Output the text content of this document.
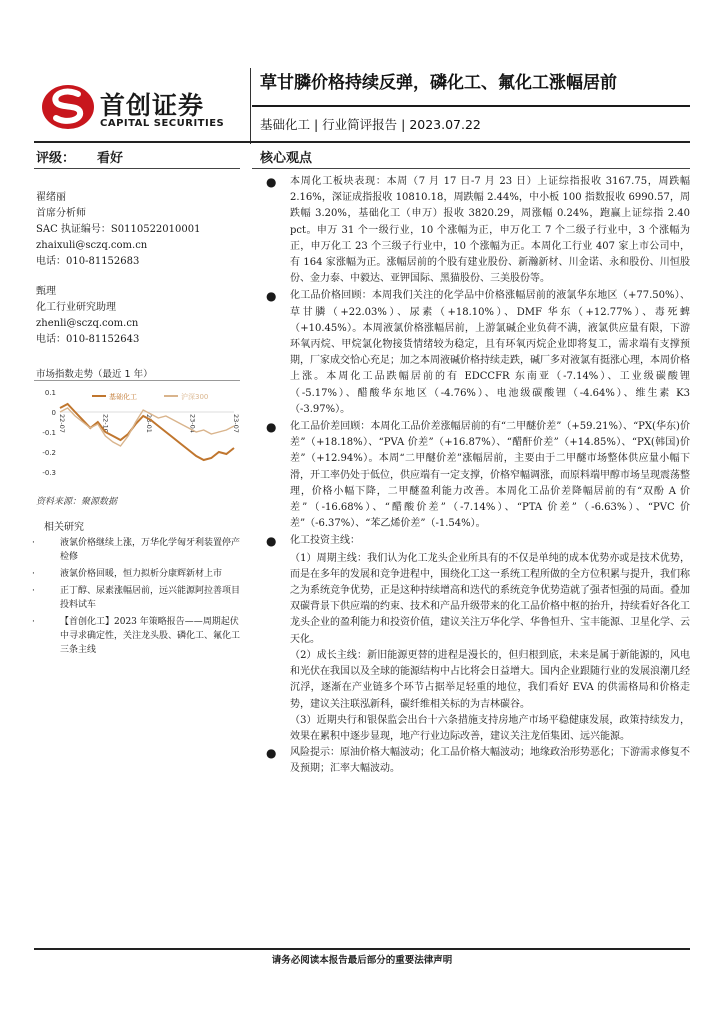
首创证券
CAPITAL SECURITIES
草甘膦价格持续反弹，磷化工、氟化工涨幅居前
基础化工 | 行业简评报告 | 2023.07.22
评级： 看好	核心观点
翟绪丽
首席分析师
SAC 执证编号：S0110522010001
zhaixuli@sczq.com.cn
电话：010-81152683
甄理
化工行业研究助理
zhenli@sczq.com.cn
电话：010-81152643
市场指数走势（最近 1 年）
0.1
0
-0.1
-0.2
-0.3
22-07	22-10	23-01	23-04	23-07
基础化工	沪深300
资料来源：聚源数据
相关研究
· 液氯价格继续上涨，万华化学匈牙利装置停产检修
· 液氯价格回暖，恒力拟析分康辉新材上市
· 正丁醇、尿素涨幅居前，远兴能源阿拉善项目投料试车
· 【首创化工】2023 年策略报告——周期起伏中寻求确定性，关注龙头股、磷化工、氟化工三条主线
● 本周化工板块表现：本周（7 月 17 日-7 月 23 日）上证综指报收 3167.75，周跌幅 2.16%，深证成指报收 10810.18，周跌幅 2.44%，中小板 100 指数报收 6990.57，周跌幅 3.20%，基础化工（申万）报收 3820.29，周涨幅 0.24%，跑赢上证综指 2.40 pct。申万 31 个一级行业，10 个涨幅为正，申万化工 7 个二级子行业中，3 个涨幅为正，申万化工 23 个三级子行业中，10 个涨幅为正。本周化工行业 407 家上市公司中，有 164 家涨幅为正。涨幅居前的个股有建业股份、新瀚新材、川金诺、永和股份、川恒股份、金力泰、中毅达、亚钾国际、黑猫股份、三美股份等。
● 化工品价格回顾：本周我们关注的化学品中价格涨幅居前的液氯华东地区（+77.50%）、草甘膦（+22.03%）、尿素（+18.10%）、DMF 华东（+12.77%）、毒死蜱（+10.45%）。本周液氯价格涨幅居前，上游氯碱企业负荷不满，液氯供应量有限，下游环氧丙烷、甲烷氯化物接货情绪较为稳定，且有环氧丙烷企业即将复工，需求端有支撑预期，厂家成交恰心充足；加之本周液碱价格持续走跌，碱厂多对液氯有挺涨心理，本周价格上涨。本周化工品跌幅居前的有 EDCCFR 东南亚（-7.14%）、工业级碳酸锂（-5.17%）、醋酸华东地区（-4.76%）、电池级碳酸锂（-4.64%）、维生素 K3（-3.97%）。
● 化工品价差回顾：本周化工品价差涨幅居前的有“二甲醚价差”（+59.21%）、“PX(华东)价差”（+18.18%）、“PVA 价差”（+16.87%）、“醋酐价差”（+14.85%）、“PX(韩国)价差”（+12.94%）。本周“二甲醚价差”涨幅居前，主要由于二甲醚市场整体供应量小幅下滑，开工率仍处于低位，供应端有一定支撑，价格窄幅调涨，而原料端甲醇市场呈现震荡整理，价格小幅下降，二甲醚盈利能力改善。本周化工品价差降幅居前的有“双酚 A 价差”（-16.68%）、“醋酸价差”（-7.14%）、“PTA 价差”（-6.63%）、“PVC 价差”（-6.37%）、“苯乙烯价差”（-1.54%）。
● 化工投资主线：
（1）周期主线：我们认为化工龙头企业所具有的不仅是单纯的成本优势亦或是技术优势，而是在多年的发展和竞争进程中，围绕化工这一系统工程所做的全方位积累与提升，我们称之为系统竞争优势，正是这种持续增高和迭代的系统竞争优势造就了强者恒强的局面。叠加双碳背景下供应端的约束、技术和产品升级带来的化工品价格中枢的抬升，持续看好各化工龙头企业的盈利能力和投资价值，建议关注万华化学、华鲁恒升、宝丰能源、卫星化学、云天化。
（2）成长主线：新旧能源更替的进程是漫长的，但归根到底，未来是属于新能源的，风电和光伏在我国以及全球的能源结构中占比将会日益增大。国内企业跟随行业的发展浪潮几经沉浮，逐渐在产业链多个环节占据举足轻重的地位，我们看好 EVA 的供需格局和价格走势，建议关注联泓新科，碳纤维相关标的为吉林碳谷。
（3）近期央行和银保监会出台十六条措施支持房地产市场平稳健康发展，政策持续发力，效果在累积中逐步显现，地产行业边际改善，建议关注龙佰集团、远兴能源。
● 风险提示：原油价格大幅波动；化工品价格大幅波动；地缘政治形势恶化；下游需求修复不及预期；汇率大幅波动。
请务必阅读本报告最后部分的重要法律声明
